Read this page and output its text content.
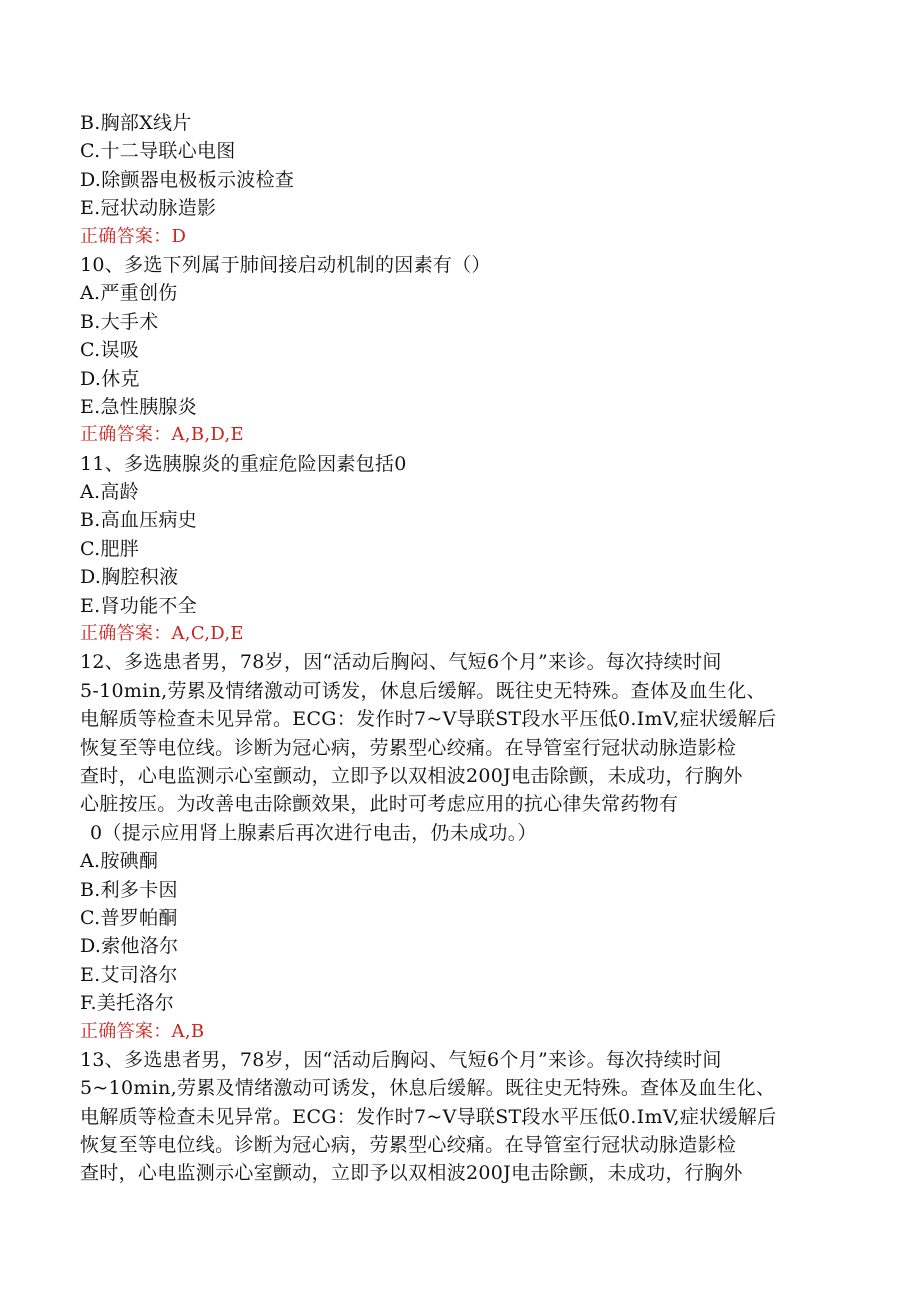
B.胸部X线片
C.十二导联心电图
D.除颤器电极板示波检查
E.冠状动脉造影
正确答案：D
10、多选下列属于肺间接启动机制的因素有（）
A.严重创伤
B.大手术
C.误吸
D.休克
E.急性胰腺炎
正确答案：A,B,D,E
11、多选胰腺炎的重症危险因素包括0
A.高龄
B.高血压病史
C.肥胖
D.胸腔积液
E.肾功能不全
正确答案：A,C,D,E
12、多选患者男，78岁，因“活动后胸闷、气短6个月”来诊。每次持续时间
5-10min,劳累及情绪激动可诱发，休息后缓解。既往史无特殊。查体及血生化、
电解质等检查未见异常。ECG：发作时7~V导联ST段水平压低0.ImV,症状缓解后
恢复至等电位线。诊断为冠心病，劳累型心绞痛。在导管室行冠状动脉造影检
查时，心电监测示心室颤动，立即予以双相波200J电击除颤，未成功，行胸外
心脏按压。为改善电击除颤效果，此时可考虑应用的抗心律失常药物有
0（提示应用肾上腺素后再次进行电击，仍未成功。）
A.胺碘酮
B.利多卡因
C.普罗帕酮
D.索他洛尔
E.艾司洛尔
F.美托洛尔
正确答案：A,B
13、多选患者男，78岁，因“活动后胸闷、气短6个月”来诊。每次持续时间
5~10min,劳累及情绪激动可诱发，休息后缓解。既往史无特殊。查体及血生化、
电解质等检查未见异常。ECG：发作时7~V导联ST段水平压低0.ImV,症状缓解后
恢复至等电位线。诊断为冠心病，劳累型心绞痛。在导管室行冠状动脉造影检
查时，心电监测示心室颤动，立即予以双相波200J电击除颤，未成功，行胸外
